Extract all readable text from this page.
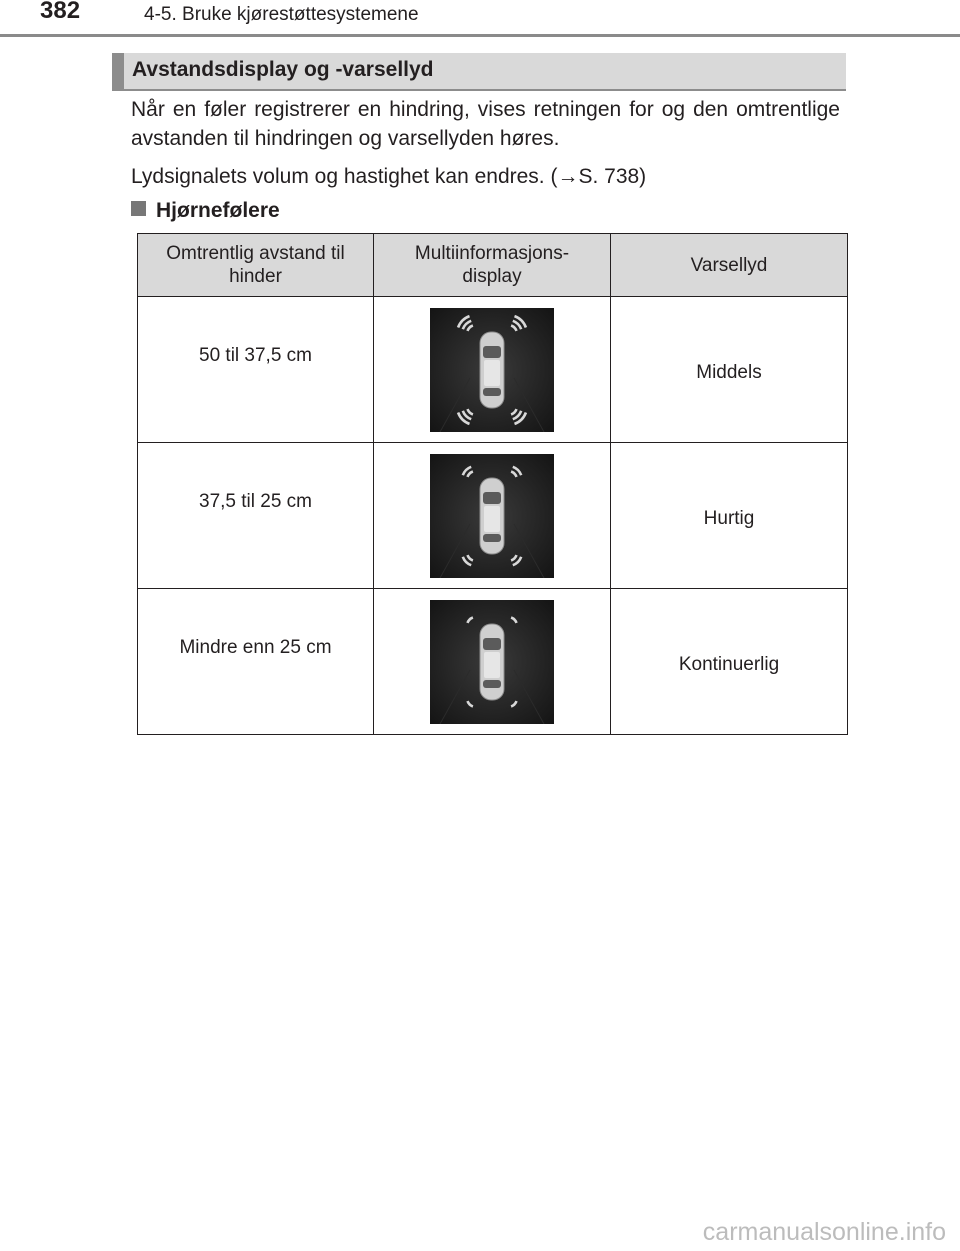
382	4-5. Bruke kjørestøttesystemene
Avstandsdisplay og -varsellyd
Når en føler registrerer en hindring, vises retningen for og den omtrentlige avstanden til hindringen og varsellyden høres.
Lydsignalets volum og hastighet kan endres. (→S. 738)
Hjørnefølere
Omtrentlig avstand til hinder	Multiinformasjons-display	Varsellyd
50 til 37,5 cm		Middels
37,5 til 25 cm		Hurtig
Mindre enn 25 cm		Kontinuerlig
carmanualsonline.info
